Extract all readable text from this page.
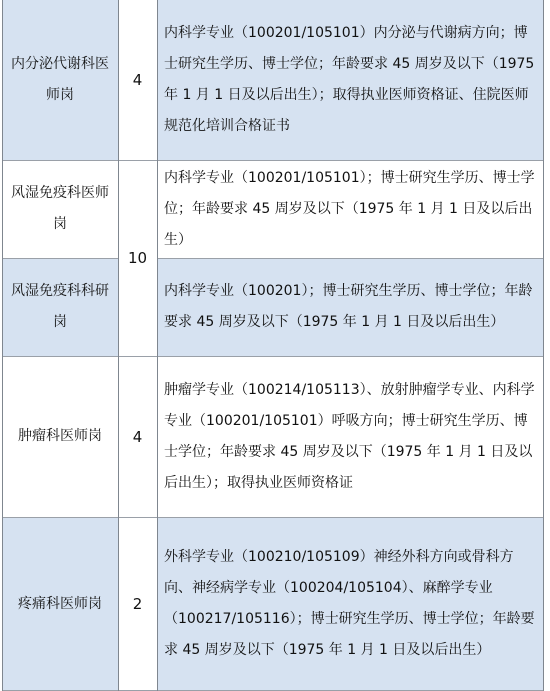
内分泌代谢科医师岗
4
内科学专业（100201/105101）内分泌与代谢病方向；博士研究生学历、博士学位；年龄要求 45 周岁及以下（1975 年 1 月 1 日及以后出生）；取得执业医师资格证、住院医师规范化培训合格证书
风湿免疫科医师岗
10
内科学专业（100201/105101）；博士研究生学历、博士学位；年龄要求 45 周岁及以下（1975 年 1 月 1 日及以后出生）
风湿免疫科科研岗
内科学专业（100201）；博士研究生学历、博士学位；年龄要求 45 周岁及以下（1975 年 1 月 1 日及以后出生）
肿瘤科医师岗 4
肿瘤学专业（100214/105113）、放射肿瘤学专业、内科学专业（100201/105101）呼吸方向；博士研究生学历、博士学位；年龄要求 45 周岁及以下（1975 年 1 月 1 日及以后出生）；取得执业医师资格证
疼痛科医师岗 2
外科学专业（100210/105109）神经外科方向或骨科方向、神经病学专业（100204/105104）、麻醉学专业（100217/105116）；博士研究生学历、博士学位；年龄要求 45 周岁及以下（1975 年 1 月 1 日及以后出生）
